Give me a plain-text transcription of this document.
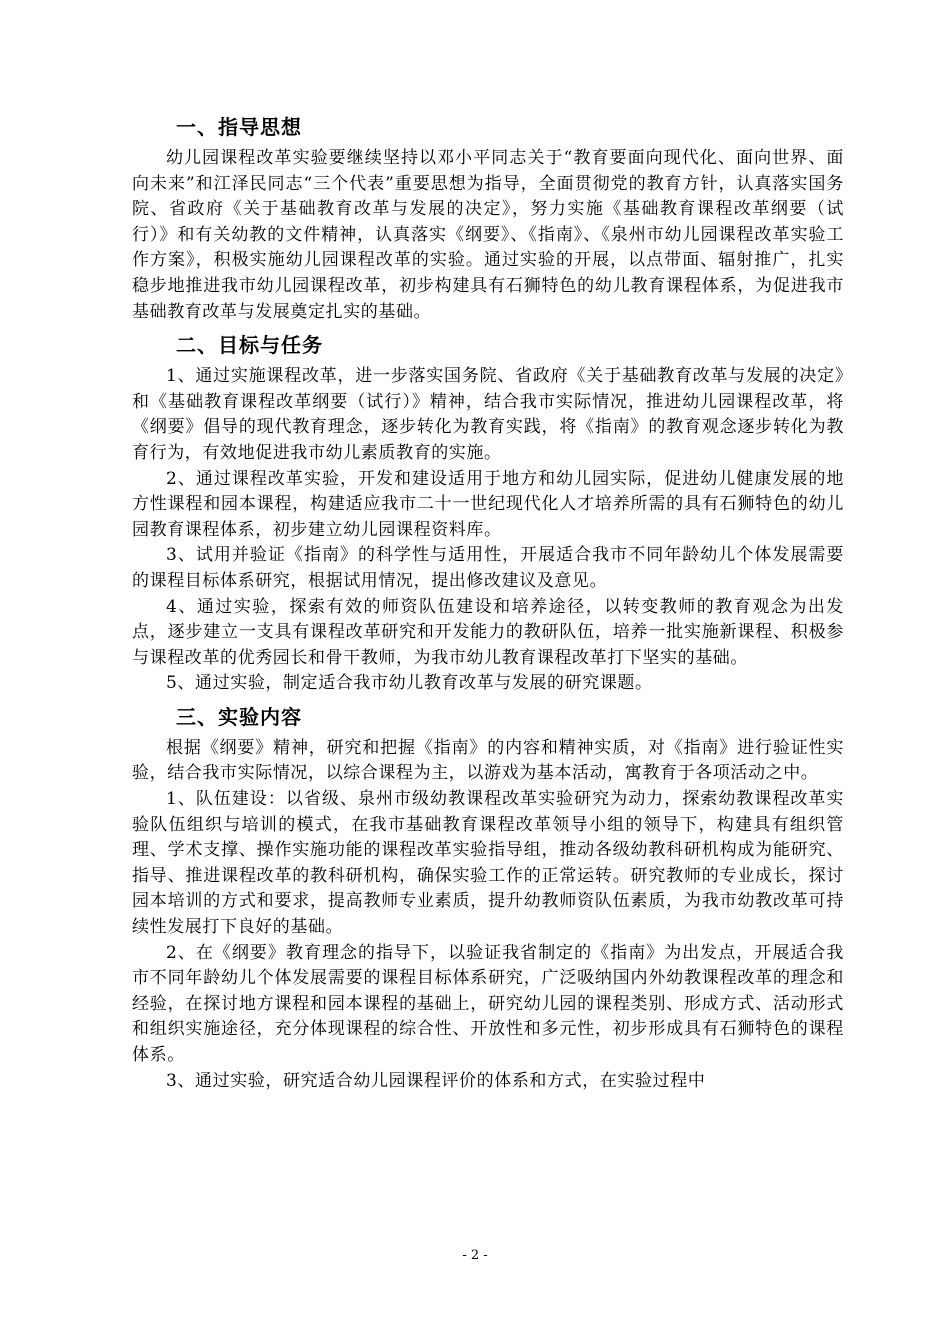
一、指导思想

幼儿园课程改革实验要继续坚持以邓小平同志关于“教育要面向现代化、面向世界、面向未来”和江泽民同志“三个代表”重要思想为指导，全面贯彻党的教育方针，认真落实国务院、省政府《关于基础教育改革与发展的决定》，努力实施《基础教育课程改革纲要（试行）》和有关幼教的文件精神，认真落实《纲要》、《指南》、《泉州市幼儿园课程改革实验工作方案》，积极实施幼儿园课程改革的实验。通过实验的开展，以点带面、辐射推广，扎实稳步地推进我市幼儿园课程改革，初步构建具有石狮特色的幼儿教育课程体系，为促进我市基础教育改革与发展奠定扎实的基础。

二、目标与任务

1、通过实施课程改革，进一步落实国务院、省政府《关于基础教育改革与发展的决定》和《基础教育课程改革纲要（试行）》精神，结合我市实际情况，推进幼儿园课程改革，将《纲要》倡导的现代教育理念，逐步转化为教育实践，将《指南》的教育观念逐步转化为教育行为，有效地促进我市幼儿素质教育的实施。

2、通过课程改革实验，开发和建设适用于地方和幼儿园实际，促进幼儿健康发展的地方性课程和园本课程，构建适应我市二十一世纪现代化人才培养所需的具有石狮特色的幼儿园教育课程体系，初步建立幼儿园课程资料库。

3、试用并验证《指南》的科学性与适用性，开展适合我市不同年龄幼儿个体发展需要的课程目标体系研究，根据试用情况，提出修改建议及意见。

4、通过实验，探索有效的师资队伍建设和培养途径，以转变教师的教育观念为出发点，逐步建立一支具有课程改革研究和开发能力的教研队伍，培养一批实施新课程、积极参与课程改革的优秀园长和骨干教师，为我市幼儿教育课程改革打下坚实的基础。

5、通过实验，制定适合我市幼儿教育改革与发展的研究课题。

三、实验内容

根据《纲要》精神，研究和把握《指南》的内容和精神实质，对《指南》进行验证性实验，结合我市实际情况，以综合课程为主，以游戏为基本活动，寓教育于各项活动之中。

1、队伍建设：以省级、泉州市级幼教课程改革实验研究为动力，探索幼教课程改革实验队伍组织与培训的模式，在我市基础教育课程改革领导小组的领导下，构建具有组织管理、学术支撑、操作实施功能的课程改革实验指导组，推动各级幼教科研机构成为能研究、指导、推进课程改革的教科研机构，确保实验工作的正常运转。研究教师的专业成长，探讨园本培训的方式和要求，提高教师专业素质，提升幼教师资队伍素质，为我市幼教改革可持续性发展打下良好的基础。

2、在《纲要》教育理念的指导下，以验证我省制定的《指南》为出发点，开展适合我市不同年龄幼儿个体发展需要的课程目标体系研究，广泛吸纳国内外幼教课程改革的理念和经验，在探讨地方课程和园本课程的基础上，研究幼儿园的课程类别、形成方式、活动形式和组织实施途径，充分体现课程的综合性、开放性和多元性，初步形成具有石狮特色的课程体系。

3、通过实验，研究适合幼儿园课程评价的体系和方式，在实验过程中

- 2 -
